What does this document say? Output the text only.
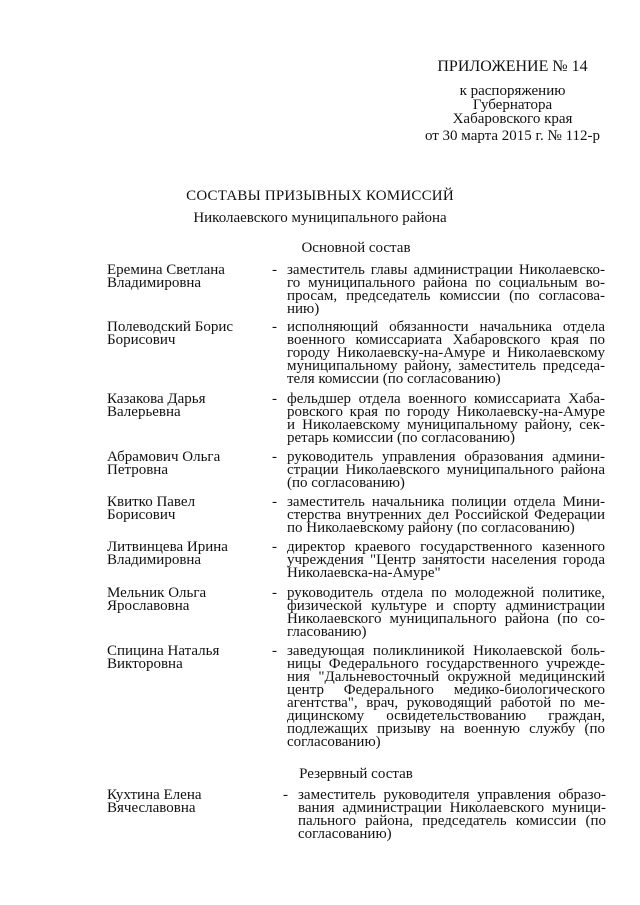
ПРИЛОЖЕНИЕ № 14
к распоряжению
Губернатора
Хабаровского края
от 30 марта 2015 г. № 112-р
СОСТАВЫ ПРИЗЫВНЫХ КОМИССИЙ
Николаевского муниципального района
Основной состав
Еремина Светлана
Владимировна
- заместитель главы администрации Николаевско-
го муниципального района по социальным во-
просам, председатель комиссии (по согласова-
нию)
Полеводский Борис
Борисович
- исполняющий обязанности начальника отдела
военного комиссариата Хабаровского края по
городу Николаевску-на-Амуре и Николаевскому
муниципальному району, заместитель председа-
теля комиссии (по согласованию)
Казакова Дарья
Валерьевна
- фельдшер отдела военного комиссариата Хаба-
ровского края по городу Николаевску-на-Амуре
и Николаевскому муниципальному району, сек-
ретарь комиссии (по согласованию)
Абрамович Ольга
Петровна
- руководитель управления образования админи-
страции Николаевского муниципального района
(по согласованию)
Квитко Павел
Борисович
- заместитель начальника полиции отдела Мини-
стерства внутренних дел Российской Федерации
по Николаевскому району (по согласованию)
Литвинцева Ирина
Владимировна
- директор краевого государственного казенного
учреждения "Центр занятости населения города
Николаевска-на-Амуре"
Мельник Ольга
Ярославовна
- руководитель отдела по молодежной политике,
физической культуре и спорту администрации
Николаевского муниципального района (по со-
гласованию)
Спицина Наталья
Викторовна
- заведующая поликлиникой Николаевской боль-
ницы Федерального государственного учрежде-
ния "Дальневосточный окружной медицинский
центр Федерального медико-биологического
агентства", врач, руководящий работой по ме-
дицинскому освидетельствованию граждан,
подлежащих призыву на военную службу (по
согласованию)
Резервный состав
Кухтина Елена
Вячеславовна
- заместитель руководителя управления образо-
вания администрации Николаевского муници-
пального района, председатель комиссии (по
согласованию)
